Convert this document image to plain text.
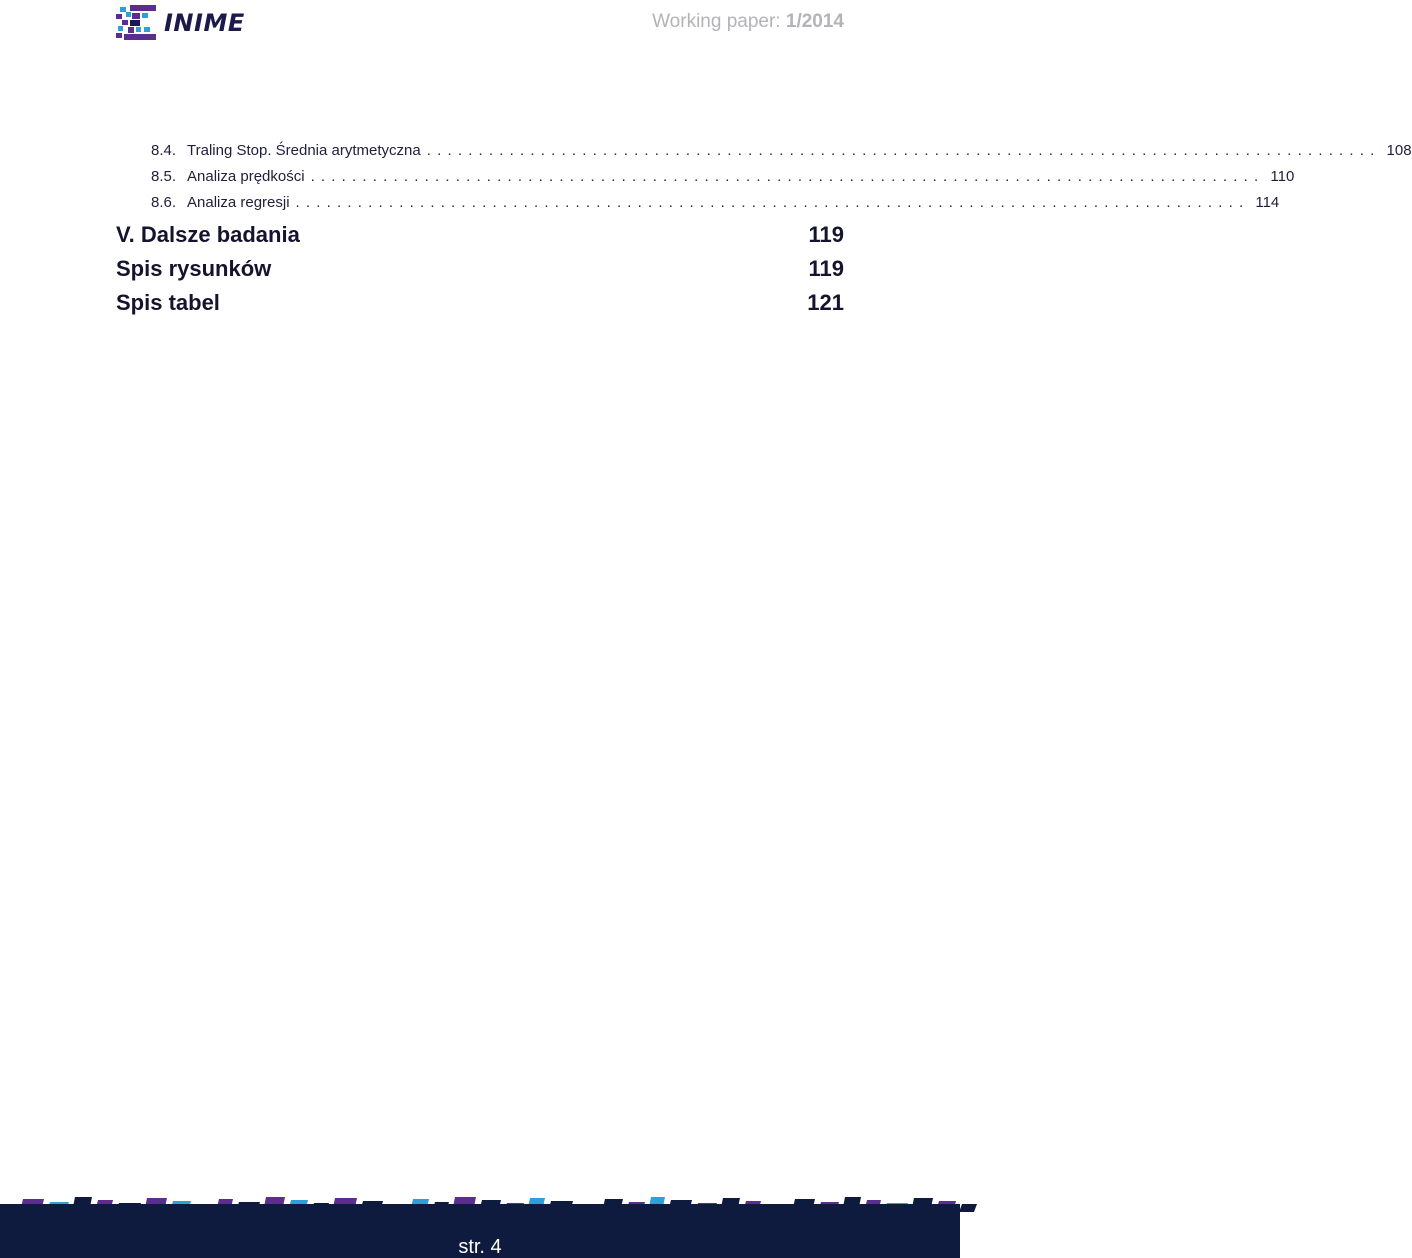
INIME	Working paper: 1/2014
8.4. Traling Stop. Średnia arytmetyczna ............................................................................................ 108
8.5. Analiza prędkości ............................................................................................ 110
8.6. Analiza regresji ............................................................................................ 114
V. Dalsze badania	119
Spis rysunków	119
Spis tabel	121
str. 4
